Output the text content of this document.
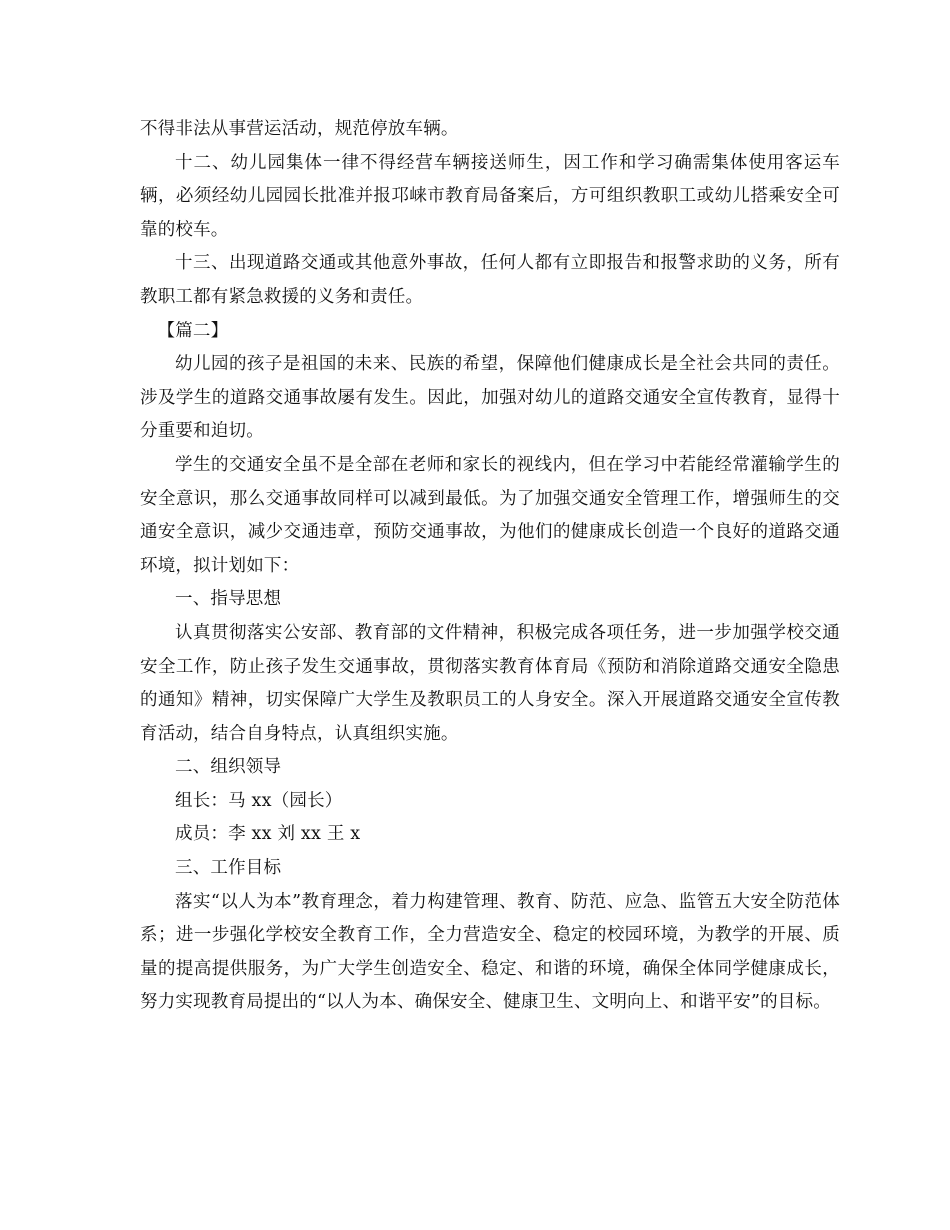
不得非法从事营运活动，规范停放车辆。

十二、幼儿园集体一律不得经营车辆接送师生，因工作和学习确需集体使用客运车辆，必须经幼儿园园长批准并报邛崃市教育局备案后，方可组织教职工或幼儿搭乘安全可靠的校车。

十三、出现道路交通或其他意外事故，任何人都有立即报告和报警求助的义务，所有教职工都有紧急救援的义务和责任。

【篇二】

幼儿园的孩子是祖国的未来、民族的希望，保障他们健康成长是全社会共同的责任。涉及学生的道路交通事故屡有发生。因此，加强对幼儿的道路交通安全宣传教育，显得十分重要和迫切。

学生的交通安全虽不是全部在老师和家长的视线内，但在学习中若能经常灌输学生的安全意识，那么交通事故同样可以减到最低。为了加强交通安全管理工作，增强师生的交通安全意识，减少交通违章，预防交通事故，为他们的健康成长创造一个良好的道路交通环境，拟计划如下：

一、指导思想

认真贯彻落实公安部、教育部的文件精神，积极完成各项任务，进一步加强学校交通安全工作，防止孩子发生交通事故，贯彻落实教育体育局《预防和消除道路交通安全隐患的通知》精神，切实保障广大学生及教职员工的人身安全。深入开展道路交通安全宣传教育活动，结合自身特点，认真组织实施。

二、组织领导

组长：马 xx（园长）

成员：李 xx 刘 xx 王 x

三、工作目标

落实“以人为本”教育理念，着力构建管理、教育、防范、应急、监管五大安全防范体系；进一步强化学校安全教育工作，全力营造安全、稳定的校园环境，为教学的开展、质量的提高提供服务，为广大学生创造安全、稳定、和谐的环境，确保全体同学健康成长，努力实现教育局提出的“以人为本、确保安全、健康卫生、文明向上、和谐平安”的目标。
